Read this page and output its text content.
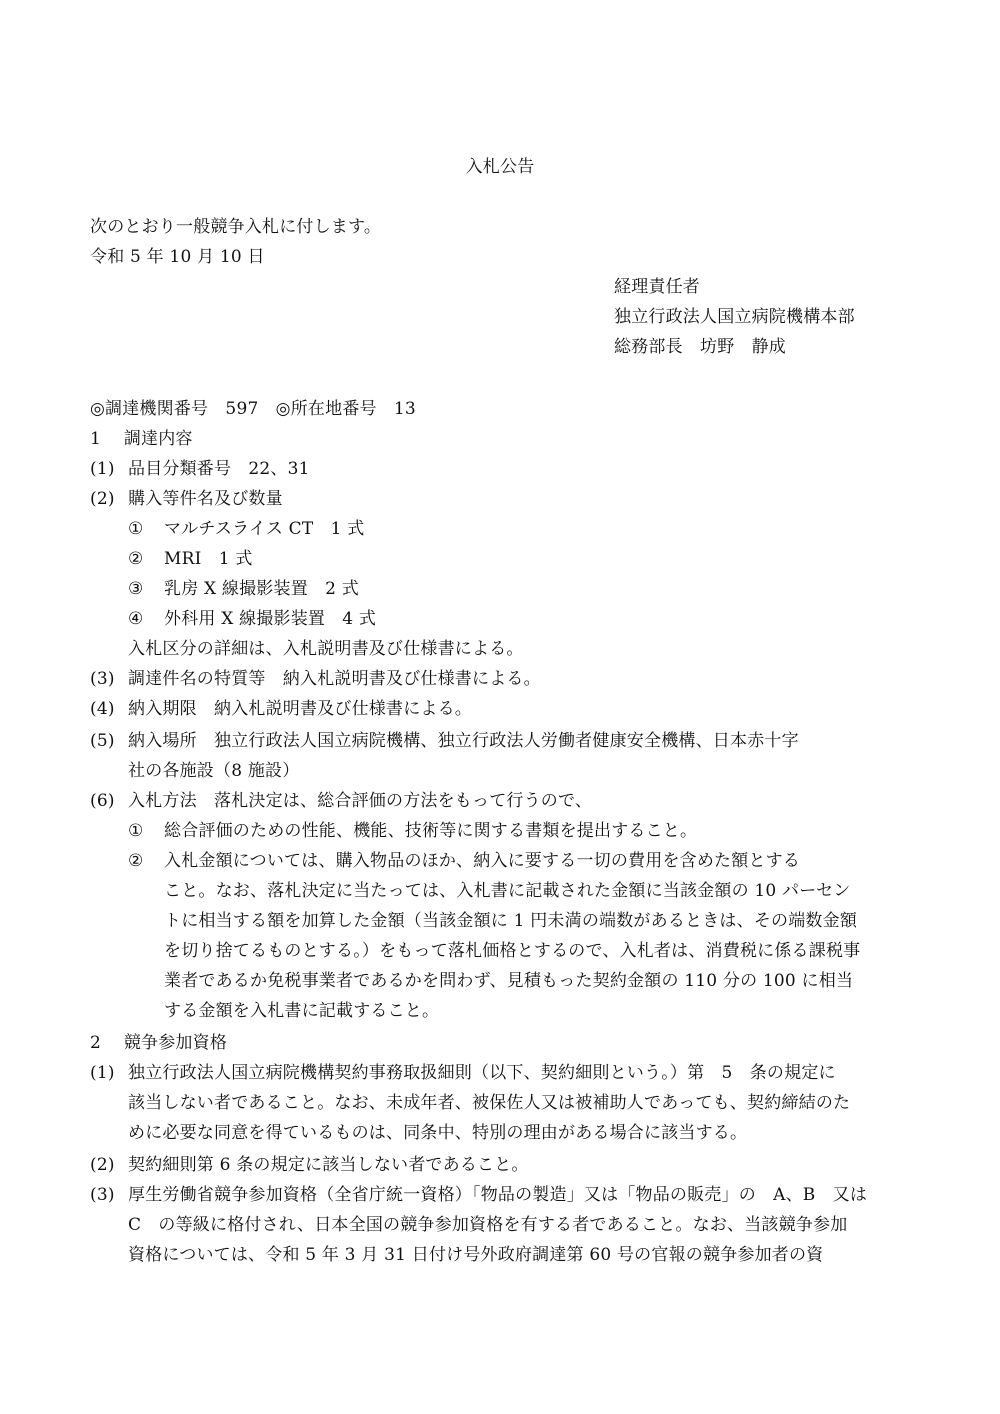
入札公告
次のとおり一般競争入札に付します。
令和 5 年 10 月 10 日
経理責任者
独立行政法人国立病院機構本部
総務部長　坊野　静成
◎調達機関番号　597　◎所在地番号　13
1　 調達内容
(1) 品目分類番号　22、31
(2) 購入等件名及び数量
① マルチスライス CT　1 式
② MRI　1 式
③ 乳房 X 線撮影装置　2 式
④ 外科用 X 線撮影装置　4 式
入札区分の詳細は、入札説明書及び仕様書による。
(3) 調達件名の特質等　納入札説明書及び仕様書による。
(4) 納入期限　納入札説明書及び仕様書による。
(5) 納入場所　独立行政法人国立病院機構、独立行政法人労働者健康安全機構、日本赤十字
社の各施設（8 施設）
(6) 入札方法　落札決定は、総合評価の方法をもって行うので、
① 総合評価のための性能、機能、技術等に関する書類を提出すること。
② 入札金額については、購入物品のほか、納入に要する一切の費用を含めた額とする
こと。なお、落札決定に当たっては、入札書に記載された金額に当該金額の 10 パーセン
トに相当する額を加算した金額（当該金額に 1 円未満の端数があるときは、その端数金額
を切り捨てるものとする。）をもって落札価格とするので、入札者は、消費税に係る課税事
業者であるか免税事業者であるかを問わず、見積もった契約金額の 110 分の 100 に相当
する金額を入札書に記載すること。
2　 競争参加資格
(1) 独立行政法人国立病院機構契約事務取扱細則（以下、契約細則という。）第　5　条の規定に
該当しない者であること。なお、未成年者、被保佐人又は被補助人であっても、契約締結のた
めに必要な同意を得ているものは、同条中、特別の理由がある場合に該当する。
(2) 契約細則第 6 条の規定に該当しない者であること。
(3) 厚生労働省競争参加資格（全省庁統一資格）「物品の製造」又は「物品の販売」の　A、B　又は
C　の等級に格付され、日本全国の競争参加資格を有する者であること。なお、当該競争参加
資格については、令和 5 年 3 月 31 日付け号外政府調達第 60 号の官報の競争参加者の資
